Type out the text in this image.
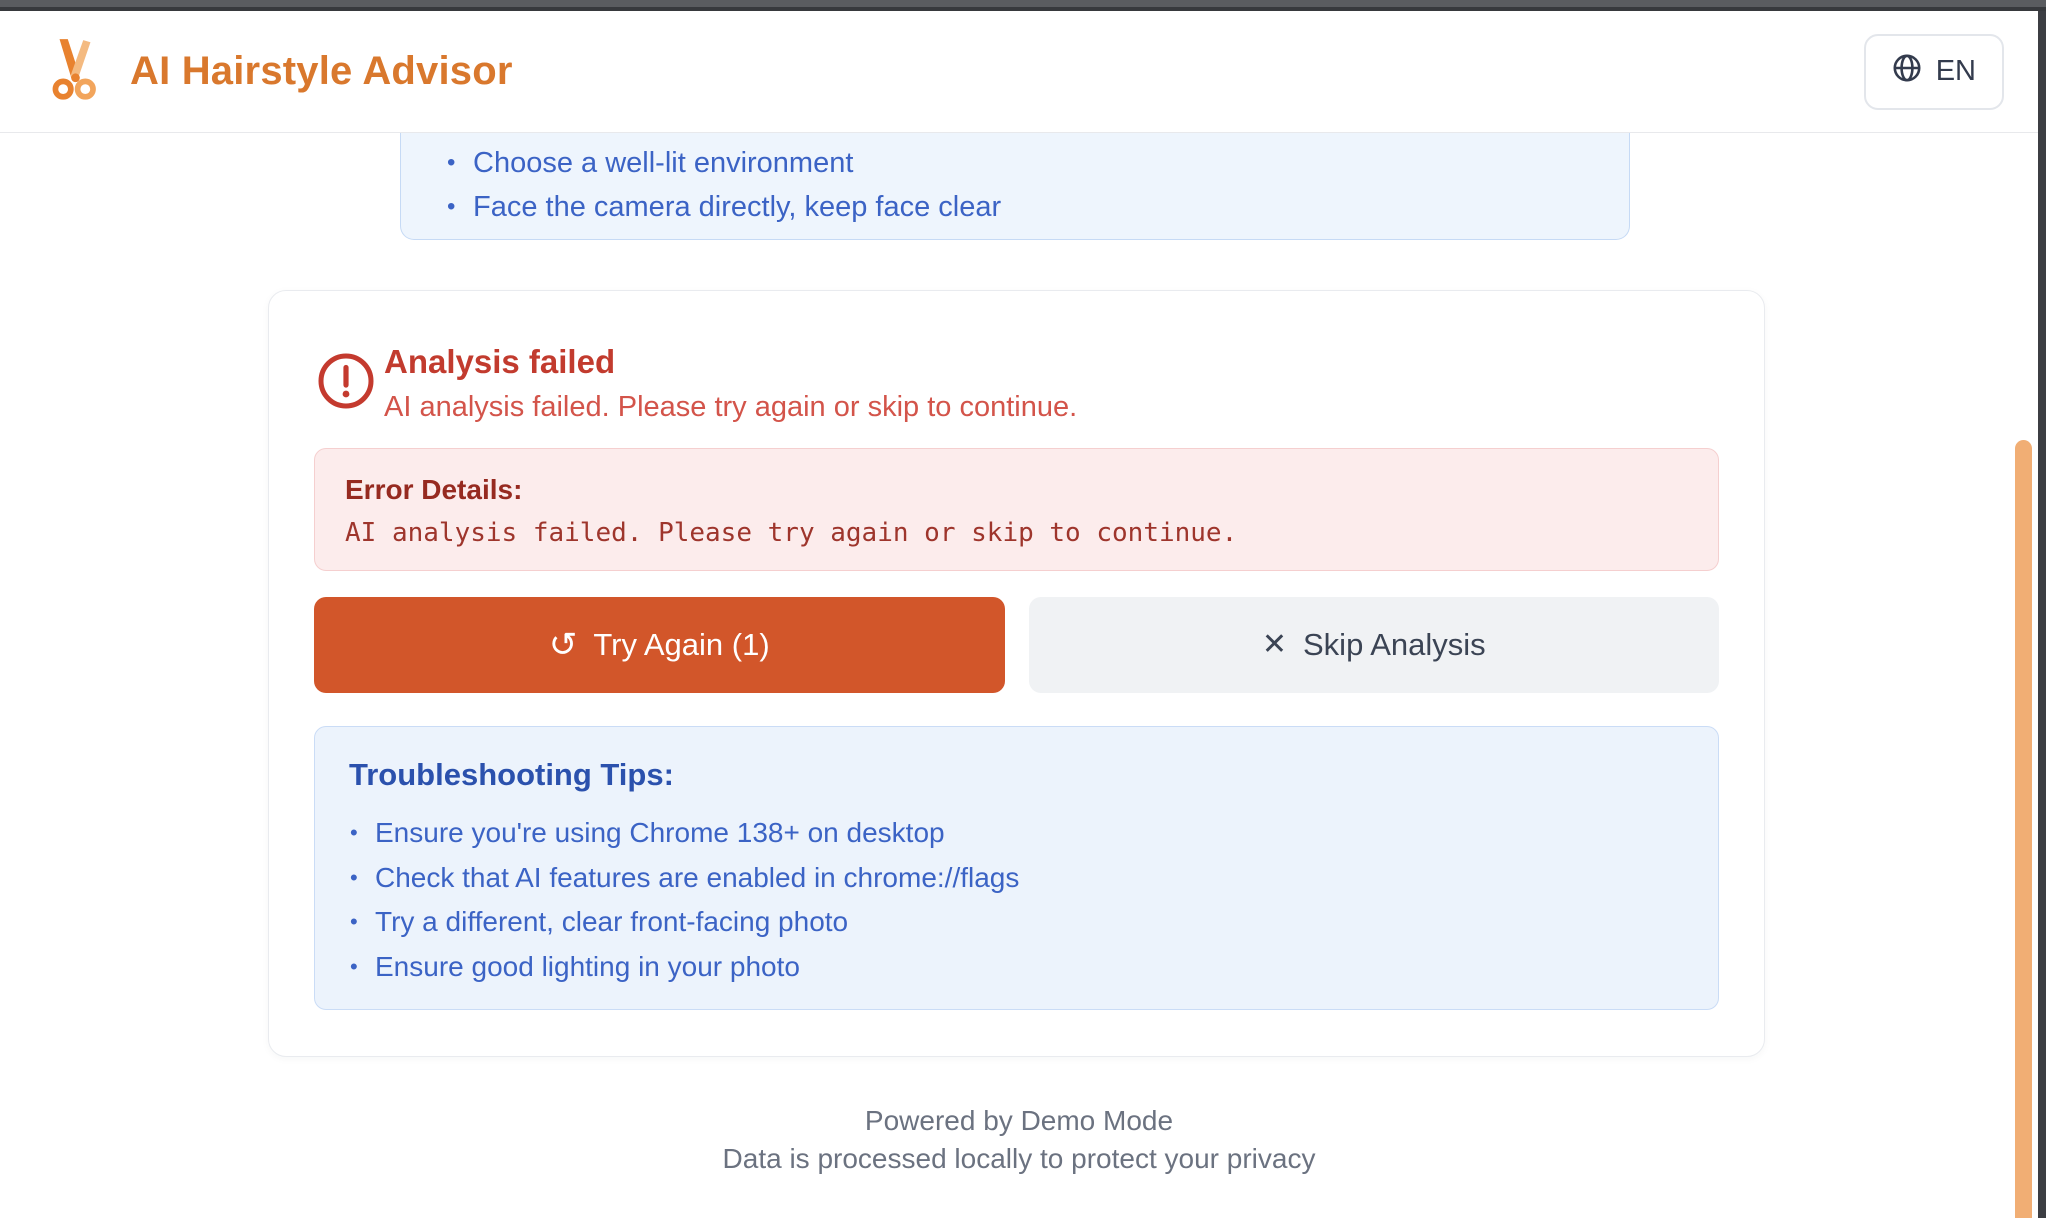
AI Hairstyle Advisor	EN
• Choose a well-lit environment
• Face the camera directly, keep face clear
Analysis failed
AI analysis failed. Please try again or skip to continue.
Error Details:
AI analysis failed. Please try again or skip to continue.
↺ Try Again (1)	✕ Skip Analysis
Troubleshooting Tips:
• Ensure you're using Chrome 138+ on desktop
• Check that AI features are enabled in chrome://flags
• Try a different, clear front-facing photo
• Ensure good lighting in your photo
Powered by Demo Mode
Data is processed locally to protect your privacy
